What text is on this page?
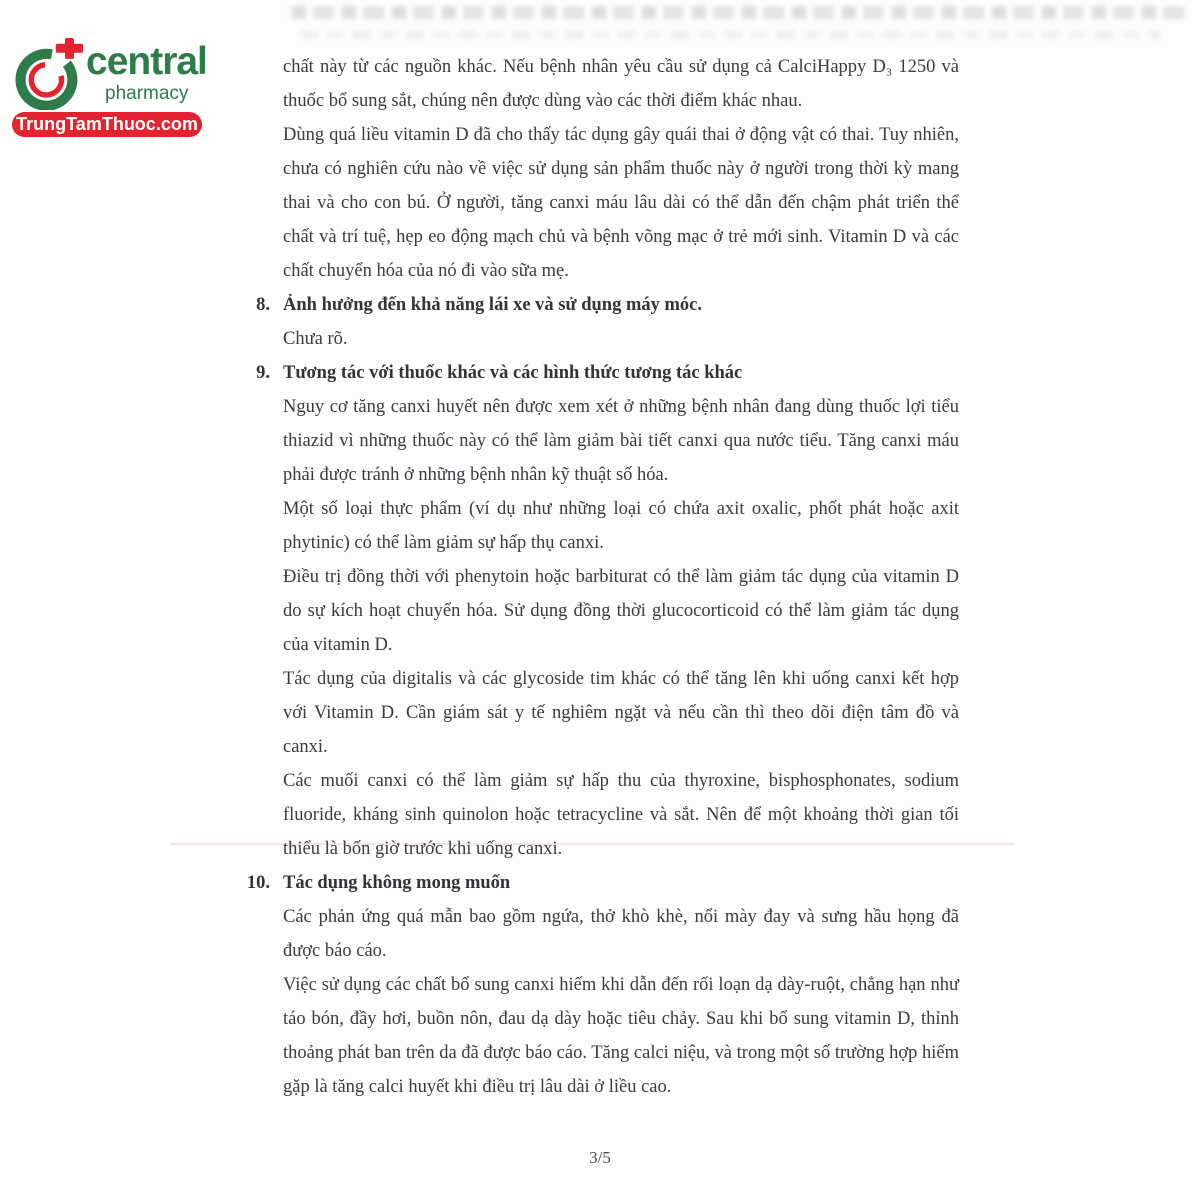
central
pharmacy
TrungTamThuoc.com

chất này từ các nguồn khác. Nếu bệnh nhân yêu cầu sử dụng cả CalciHappy D₃ 1250 và thuốc bổ sung sắt, chúng nên được dùng vào các thời điểm khác nhau.

Dùng quá liều vitamin D đã cho thấy tác dụng gây quái thai ở động vật có thai. Tuy nhiên, chưa có nghiên cứu nào về việc sử dụng sản phẩm thuốc này ở người trong thời kỳ mang thai và cho con bú. Ở người, tăng canxi máu lâu dài có thể dẫn đến chậm phát triển thể chất và trí tuệ, hẹp eo động mạch chủ và bệnh võng mạc ở trẻ mới sinh. Vitamin D và các chất chuyển hóa của nó đi vào sữa mẹ.

8. Ảnh hưởng đến khả năng lái xe và sử dụng máy móc.

Chưa rõ.

9. Tương tác với thuốc khác và các hình thức tương tác khác

Nguy cơ tăng canxi huyết nên được xem xét ở những bệnh nhân đang dùng thuốc lợi tiểu thiazid vì những thuốc này có thể làm giảm bài tiết canxi qua nước tiểu. Tăng canxi máu phải được tránh ở những bệnh nhân kỹ thuật số hóa.

Một số loại thực phẩm (ví dụ như những loại có chứa axit oxalic, phốt phát hoặc axit phytinic) có thể làm giảm sự hấp thụ canxi.

Điều trị đồng thời với phenytoin hoặc barbiturat có thể làm giảm tác dụng của vitamin D do sự kích hoạt chuyển hóa. Sử dụng đồng thời glucocorticoid có thể làm giảm tác dụng của vitamin D.

Tác dụng của digitalis và các glycoside tim khác có thể tăng lên khi uống canxi kết hợp với Vitamin D. Cần giám sát y tế nghiêm ngặt và nếu cần thì theo dõi điện tâm đồ và canxi.

Các muối canxi có thể làm giảm sự hấp thu của thyroxine, bisphosphonates, sodium fluoride, kháng sinh quinolon hoặc tetracycline và sắt. Nên để một khoảng thời gian tối thiểu là bốn giờ trước khi uống canxi.

10. Tác dụng không mong muốn

Các phản ứng quá mẫn bao gồm ngứa, thở khò khè, nổi mày đay và sưng hầu họng đã được báo cáo.

Việc sử dụng các chất bổ sung canxi hiếm khi dẫn đến rối loạn dạ dày-ruột, chẳng hạn như táo bón, đầy hơi, buồn nôn, đau dạ dày hoặc tiêu chảy. Sau khi bổ sung vitamin D, thỉnh thoảng phát ban trên da đã được báo cáo. Tăng calci niệu, và trong một số trường hợp hiếm gặp là tăng calci huyết khi điều trị lâu dài ở liều cao.

3/5
